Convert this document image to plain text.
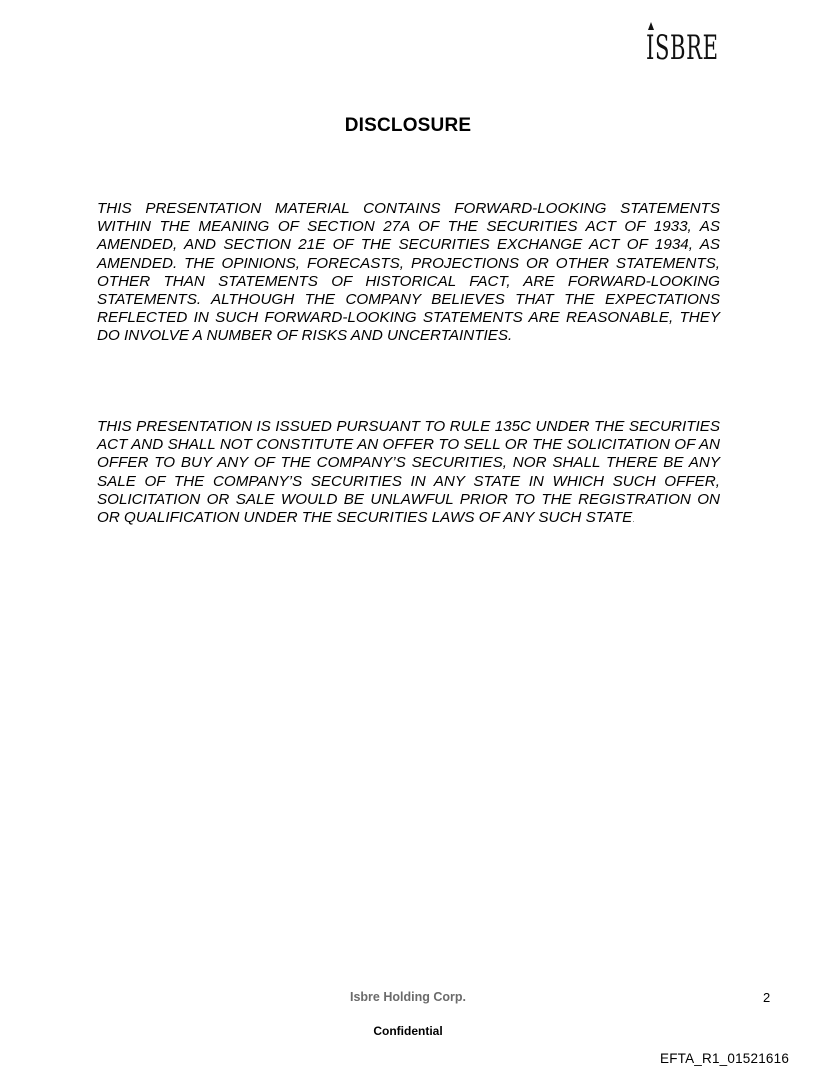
ISBRE
DISCLOSURE

THIS PRESENTATION MATERIAL CONTAINS FORWARD-LOOKING STATEMENTS WITHIN THE MEANING OF SECTION 27A OF THE SECURITIES ACT OF 1933, AS AMENDED, AND SECTION 21E OF THE SECURITIES EXCHANGE ACT OF 1934, AS AMENDED. THE OPINIONS, FORECASTS, PROJECTIONS OR OTHER STATEMENTS, OTHER THAN STATEMENTS OF HISTORICAL FACT, ARE FORWARD-LOOKING STATEMENTS. ALTHOUGH THE COMPANY BELIEVES THAT THE EXPECTATIONS REFLECTED IN SUCH FORWARD-LOOKING STATEMENTS ARE REASONABLE, THEY DO INVOLVE A NUMBER OF RISKS AND UNCERTAINTIES.

THIS PRESENTATION IS ISSUED PURSUANT TO RULE 135C UNDER THE SECURITIES ACT AND SHALL NOT CONSTITUTE AN OFFER TO SELL OR THE SOLICITATION OF AN OFFER TO BUY ANY OF THE COMPANY’S SECURITIES, NOR SHALL THERE BE ANY SALE OF THE COMPANY’S SECURITIES IN ANY STATE IN WHICH SUCH OFFER, SOLICITATION OR SALE WOULD BE UNLAWFUL PRIOR TO THE REGISTRATION ON OR QUALIFICATION UNDER THE SECURITIES LAWS OF ANY SUCH STATE.

Isbre Holding Corp.	2
Confidential
EFTA_R1_01521616
